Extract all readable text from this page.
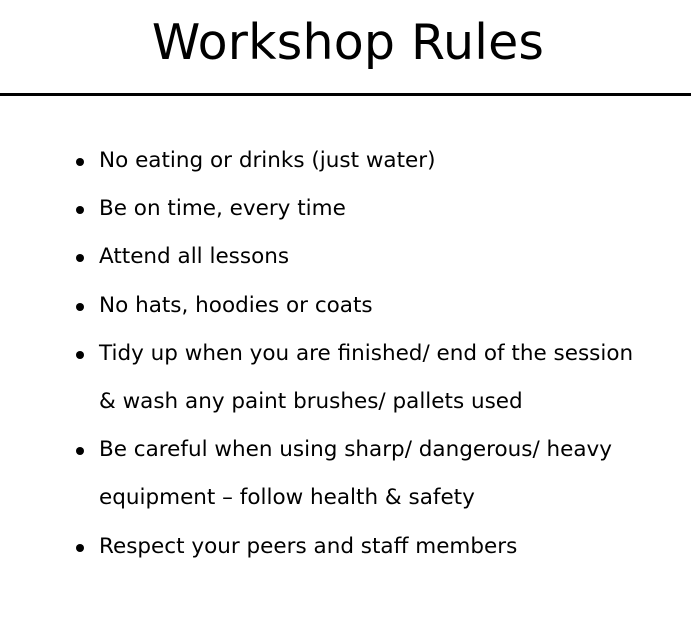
Workshop Rules
No eating or drinks (just water)
Be on time, every time
Attend all lessons
No hats, hoodies or coats
Tidy up when you are finished/ end of the session
& wash any paint brushes/ pallets used
Be careful when using sharp/ dangerous/ heavy
equipment – follow health & safety
Respect your peers and staff members
